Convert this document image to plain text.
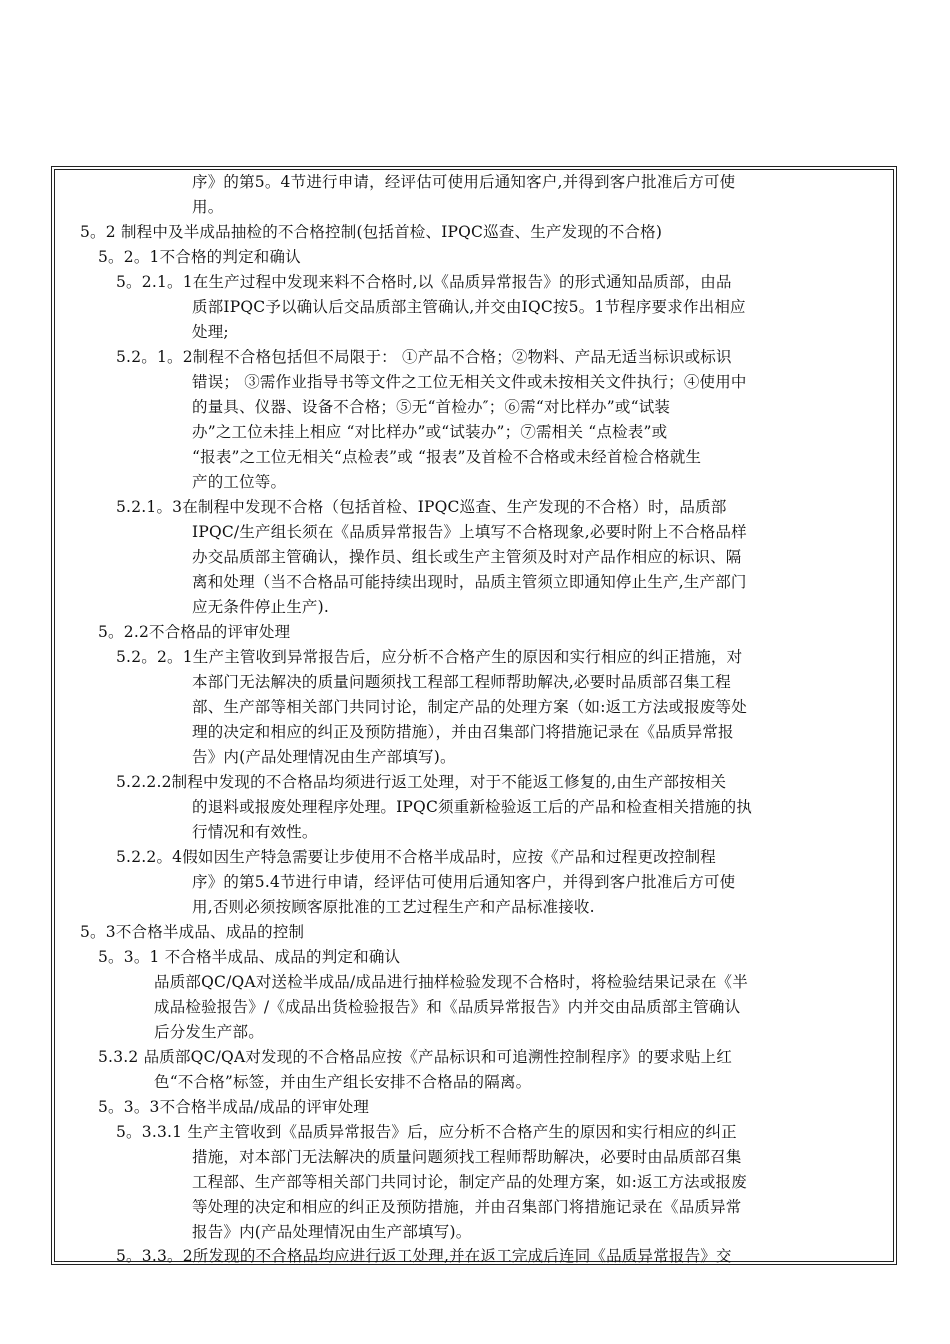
序》的第5。4节进行申请，经评估可使用后通知客户,并得到客户批准后方可使
用。
5。2 制程中及半成品抽检的不合格控制(包括首检、IPQC巡查、生产发现的不合格)
5。2。1不合格的判定和确认
5。2.1。1在生产过程中发现来料不合格时,以《品质异常报告》的形式通知品质部，由品
质部IPQC予以确认后交品质部主管确认,并交由IQC按5。1节程序要求作出相应
处理;
5.2。1。2制程不合格包括但不局限于： ①产品不合格；②物料、产品无适当标识或标识
错误； ③需作业指导书等文件之工位无相关文件或未按相关文件执行；④使用中
的量具、仪器、设备不合格；⑤无“首检办″；⑥需“对比样办”或“试装
办”之工位未挂上相应 “对比样办”或“试装办”；⑦需相关 “点检表”或
“报表”之工位无相关“点检表”或 “报表”及首检不合格或未经首检合格就生
产的工位等。
5.2.1。3在制程中发现不合格（包括首检、IPQC巡查、生产发现的不合格）时，品质部
IPQC/生产组长须在《品质异常报告》上填写不合格现象,必要时附上不合格品样
办交品质部主管确认，操作员、组长或生产主管须及时对产品作相应的标识、隔
离和处理（当不合格品可能持续出现时，品质主管须立即通知停止生产,生产部门
应无条件停止生产).
5。2.2不合格品的评审处理
5.2。2。1生产主管收到异常报告后，应分析不合格产生的原因和实行相应的纠正措施，对
本部门无法解决的质量问题须找工程部工程师帮助解决,必要时品质部召集工程
部、生产部等相关部门共同讨论，制定产品的处理方案（如:返工方法或报废等处
理的决定和相应的纠正及预防措施），并由召集部门将措施记录在《品质异常报
告》内(产品处理情况由生产部填写)。
5.2.2.2制程中发现的不合格品均须进行返工处理，对于不能返工修复的,由生产部按相关
的退料或报废处理程序处理。IPQC须重新检验返工后的产品和检查相关措施的执
行情况和有效性。
5.2.2。4假如因生产特急需要让步使用不合格半成品时，应按《产品和过程更改控制程
序》的第5.4节进行申请，经评估可使用后通知客户，并得到客户批准后方可使
用,否则必须按顾客原批准的工艺过程生产和产品标准接收.
5。3不合格半成品、成品的控制
5。3。1 不合格半成品、成品的判定和确认
品质部QC/QA对送检半成品/成品进行抽样检验发现不合格时，将检验结果记录在《半
成品检验报告》/《成品出货检验报告》和《品质异常报告》内并交由品质部主管确认
后分发生产部。
5.3.2 品质部QC/QA对发现的不合格品应按《产品标识和可追溯性控制程序》的要求贴上红
色“不合格”标签，并由生产组长安排不合格品的隔离。
5。3。3不合格半成品/成品的评审处理
5。3.3.1 生产主管收到《品质异常报告》后，应分析不合格产生的原因和实行相应的纠正
措施，对本部门无法解决的质量问题须找工程师帮助解决，必要时由品质部召集
工程部、生产部等相关部门共同讨论，制定产品的处理方案，如:返工方法或报废
等处理的决定和相应的纠正及预防措施，并由召集部门将措施记录在《品质异常
报告》内(产品处理情况由生产部填写)。
5。3.3。2所发现的不合格品均应进行返工处理,并在返工完成后连同《品质异常报告》交
